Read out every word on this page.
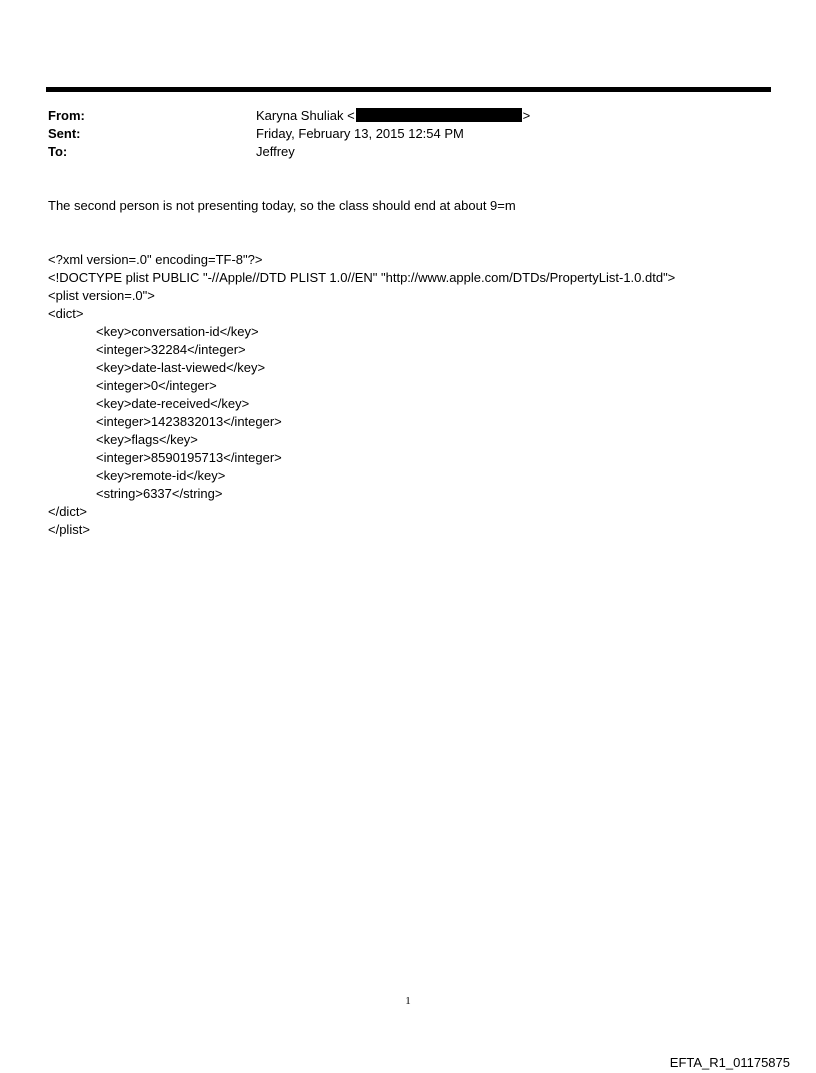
From:	Karyna Shuliak <	>
Sent:	Friday, February 13, 2015 12:54 PM
To:	Jeffrey
The second person is not presenting today, so the class should end at about 9=m
<?xml version=.0" encoding=TF-8"?>
<!DOCTYPE plist PUBLIC "-//Apple//DTD PLIST 1.0//EN" "http://www.apple.com/DTDs/PropertyList-1.0.dtd">
<plist version=.0">
<dict>
<key>conversation-id</key>
<integer>32284</integer>
<key>date-last-viewed</key>
<integer>0</integer>
<key>date-received</key>
<integer>1423832013</integer>
<key>flags</key>
<integer>8590195713</integer>
<key>remote-id</key>
<string>6337</string>
</dict>
</plist>
1
EFTA_R1_01175875
